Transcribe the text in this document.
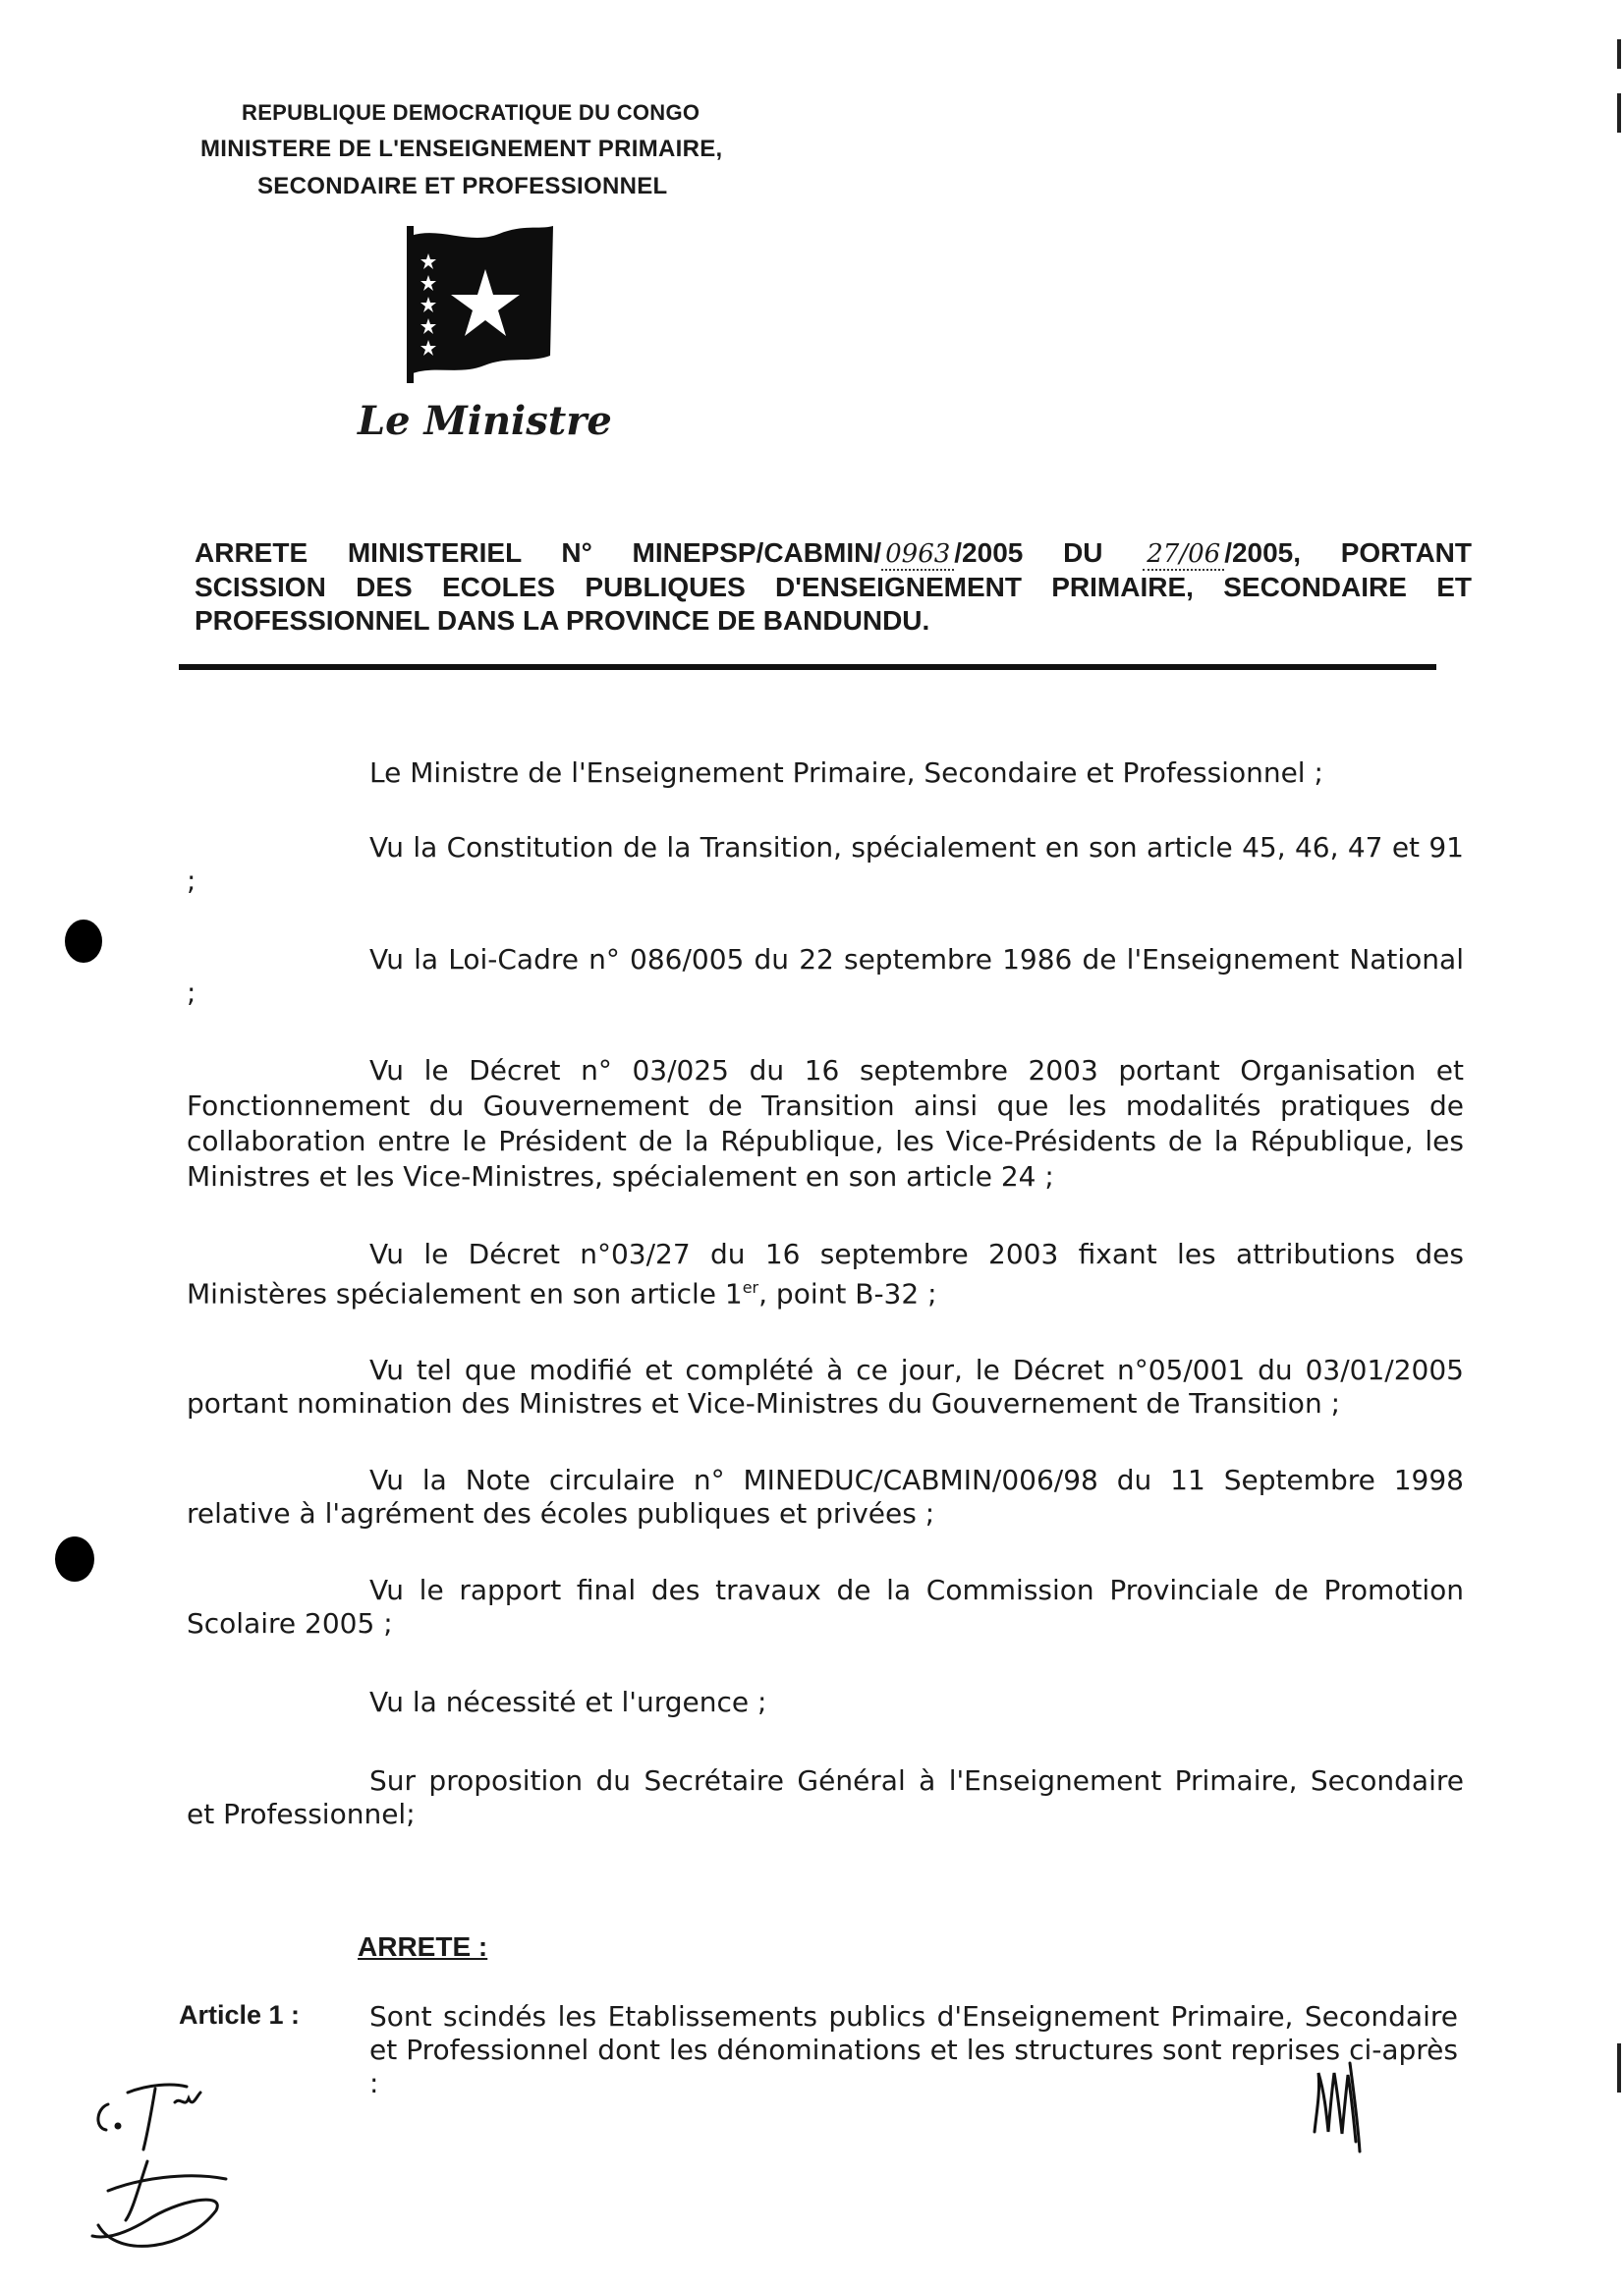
REPUBLIQUE DEMOCRATIQUE DU CONGO
MINISTERE DE L'ENSEIGNEMENT PRIMAIRE,
SECONDAIRE ET PROFESSIONNEL
Le Ministre
ARRETE MINISTERIEL N° MINEPSP/CABMIN/ 0963 /2005 DU 27/06 /2005, PORTANT
SCISSION DES ECOLES PUBLIQUES D'ENSEIGNEMENT PRIMAIRE, SECONDAIRE ET
PROFESSIONNEL DANS LA PROVINCE DE BANDUNDU.
Le Ministre de l'Enseignement Primaire, Secondaire et Professionnel ;
Vu la Constitution de la Transition, spécialement en son article 45, 46, 47 et 91 ;
Vu la Loi-Cadre n° 086/005 du 22 septembre 1986 de l'Enseignement National ;
Vu le Décret n° 03/025 du 16 septembre 2003 portant Organisation et Fonctionnement du Gouvernement de Transition ainsi que les modalités pratiques de collaboration entre le Président de la République, les Vice-Présidents de la République, les Ministres et les Vice-Ministres, spécialement en son article 24 ;
Vu le Décret n°03/27 du 16 septembre 2003 fixant les attributions des Ministères spécialement en son article 1er, point B-32 ;
Vu tel que modifié et complété à ce jour, le Décret n°05/001 du 03/01/2005 portant nomination des Ministres et Vice-Ministres du Gouvernement de Transition ;
Vu la Note circulaire n° MINEDUC/CABMIN/006/98 du 11 Septembre 1998 relative à l'agrément des écoles publiques et privées ;
Vu le rapport final des travaux de la Commission Provinciale de Promotion Scolaire 2005 ;
Vu la nécessité et l'urgence ;
Sur proposition du Secrétaire Général à l'Enseignement Primaire, Secondaire et Professionnel;
ARRETE :
Article 1 :	Sont scindés les Etablissements publics d'Enseignement Primaire, Secondaire et Professionnel dont les dénominations et les structures sont reprises ci-après :
